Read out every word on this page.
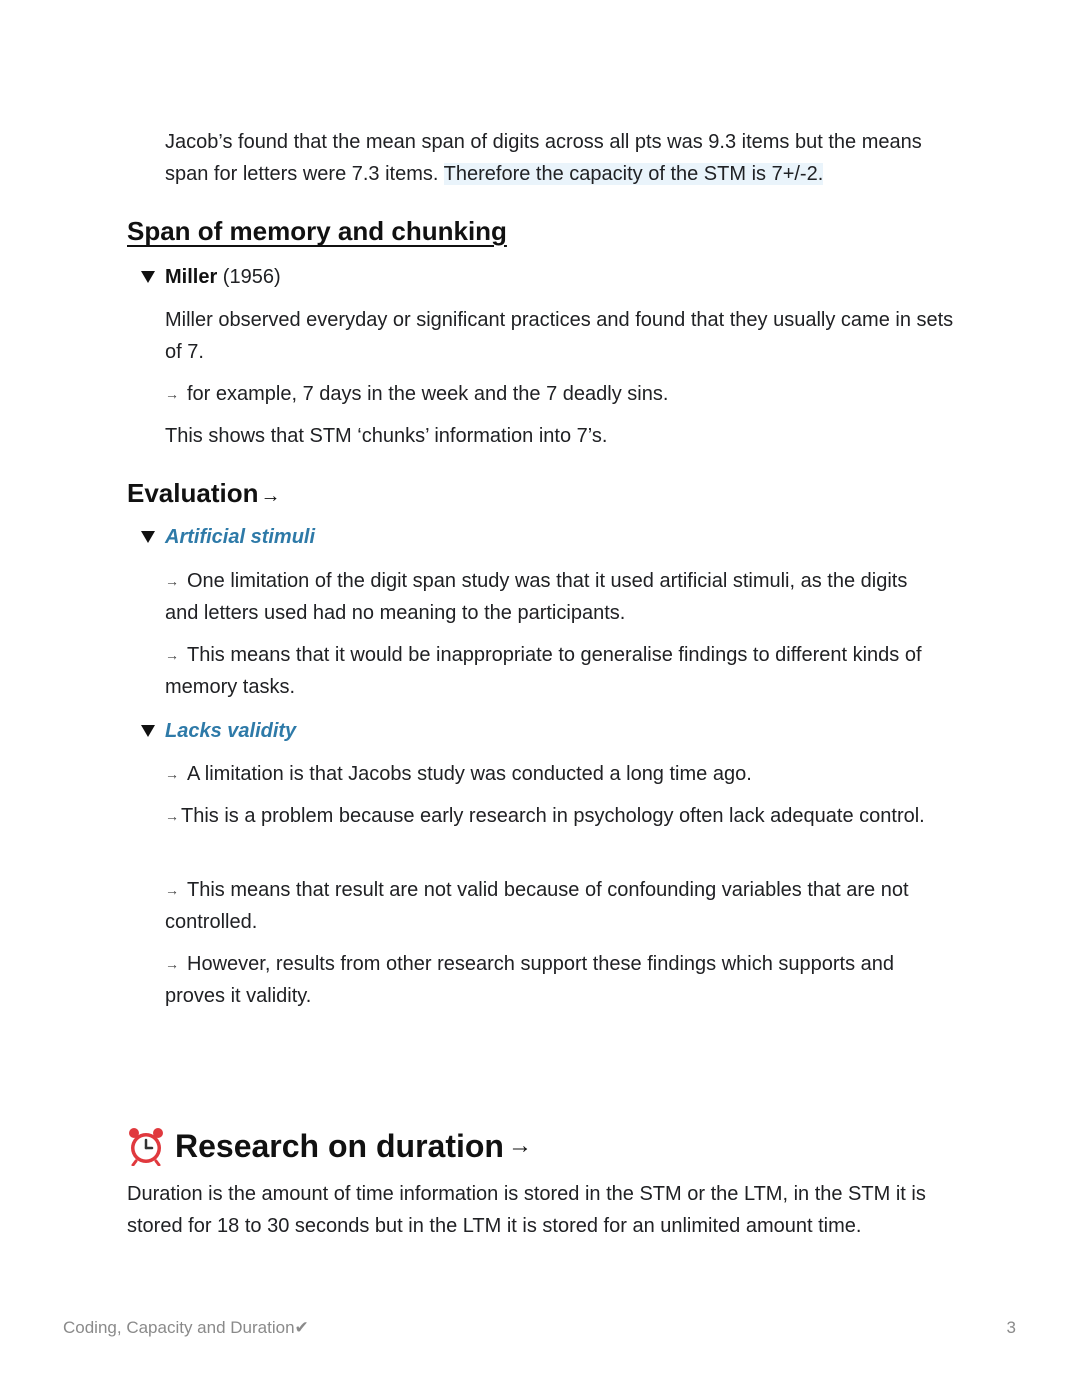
Jacob’s found that the mean span of digits across all pts was 9.3 items but the means span for letters were 7.3 items. Therefore the capacity of the STM is 7+/-2.

Span of memory and chunking
Miller (1956)

Miller observed everyday or significant practices and found that they usually came in sets of 7.

→ for example, 7 days in the week and the 7 deadly sins.

This shows that STM ‘chunks’ information into 7’s.

Evaluation →
Artificial stimuli

→ One limitation of the digit span study was that it used artificial stimuli, as the digits and letters used had no meaning to the participants.

→ This means that it would be inappropriate to generalise findings to different kinds of memory tasks.

Lacks validity

→ A limitation is that Jacobs study was conducted a long time ago.

→ This is a problem because early research in psychology often lack adequate control.

→ This means that result are not valid because of confounding variables that are not controlled.

→ However, results from other research support these findings which supports and proves it validity.

Research on duration →

Duration is the amount of time information is stored in the STM or the LTM, in the STM it is stored for 18 to 30 seconds but in the LTM it is stored for an unlimited amount time.

Coding, Capacity and Duration✔	3
